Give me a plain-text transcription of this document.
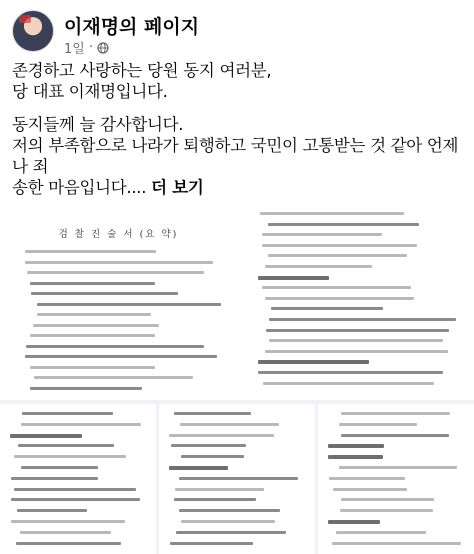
이재명의 페이지
1일 ·

존경하고 사랑하는 당원 동지 여러분,
당 대표 이재명입니다.

동지들께 늘 감사합니다.
저의 부족함으로 나라가 퇴행하고 국민이 고통받는 것 같아 언제나 죄
송한 마음입니다.... 더 보기

검 찰 진 술 서 (요 약)
